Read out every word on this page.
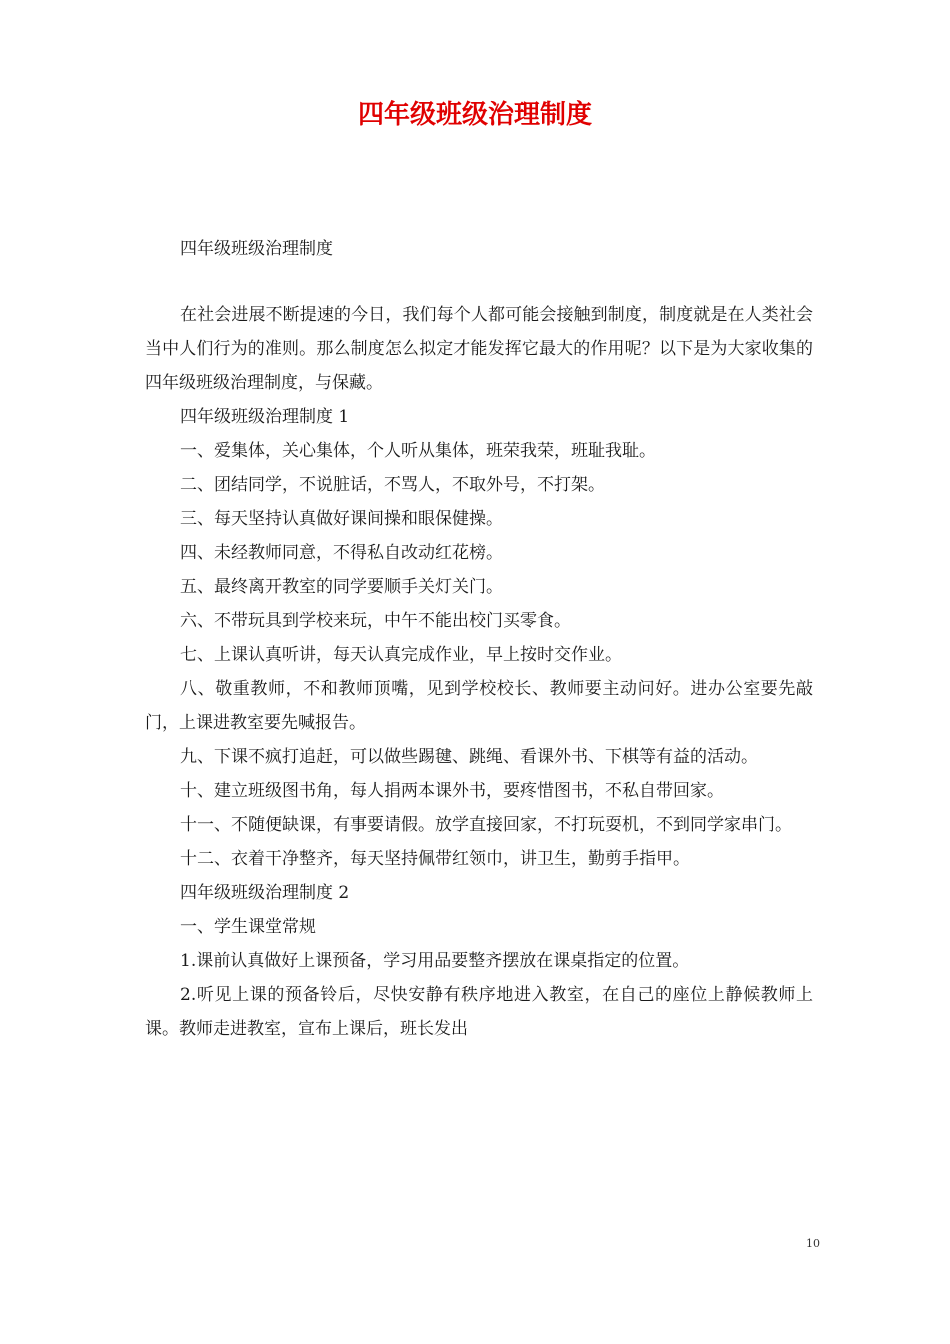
四年级班级治理制度

四年级班级治理制度

在社会进展不断提速的今日，我们每个人都可能会接触到制度，制度就是在人类社会当中人们行为的准则。那么制度怎么拟定才能发挥它最大的作用呢？以下是为大家收集的四年级班级治理制度，与保藏。

四年级班级治理制度 1

一、爱集体，关心集体，个人听从集体，班荣我荣，班耻我耻。

二、团结同学，不说脏话，不骂人，不取外号，不打架。

三、每天坚持认真做好课间操和眼保健操。

四、未经教师同意，不得私自改动红花榜。

五、最终离开教室的同学要顺手关灯关门。

六、不带玩具到学校来玩，中午不能出校门买零食。

七、上课认真听讲，每天认真完成作业，早上按时交作业。

八、敬重教师，不和教师顶嘴，见到学校校长、教师要主动问好。进办公室要先敲门，上课进教室要先喊报告。

九、下课不疯打追赶，可以做些踢毽、跳绳、看课外书、下棋等有益的活动。

十、建立班级图书角，每人捐两本课外书，要疼惜图书，不私自带回家。

十一、不随便缺课，有事要请假。放学直接回家，不打玩耍机，不到同学家串门。

十二、衣着干净整齐，每天坚持佩带红领巾，讲卫生，勤剪手指甲。

四年级班级治理制度 2

一、学生课堂常规

1.课前认真做好上课预备，学习用品要整齐摆放在课桌指定的位置。

2.听见上课的预备铃后，尽快安静有秩序地进入教室，在自己的座位上静候教师上课。教师走进教室，宣布上课后，班长发出

10
